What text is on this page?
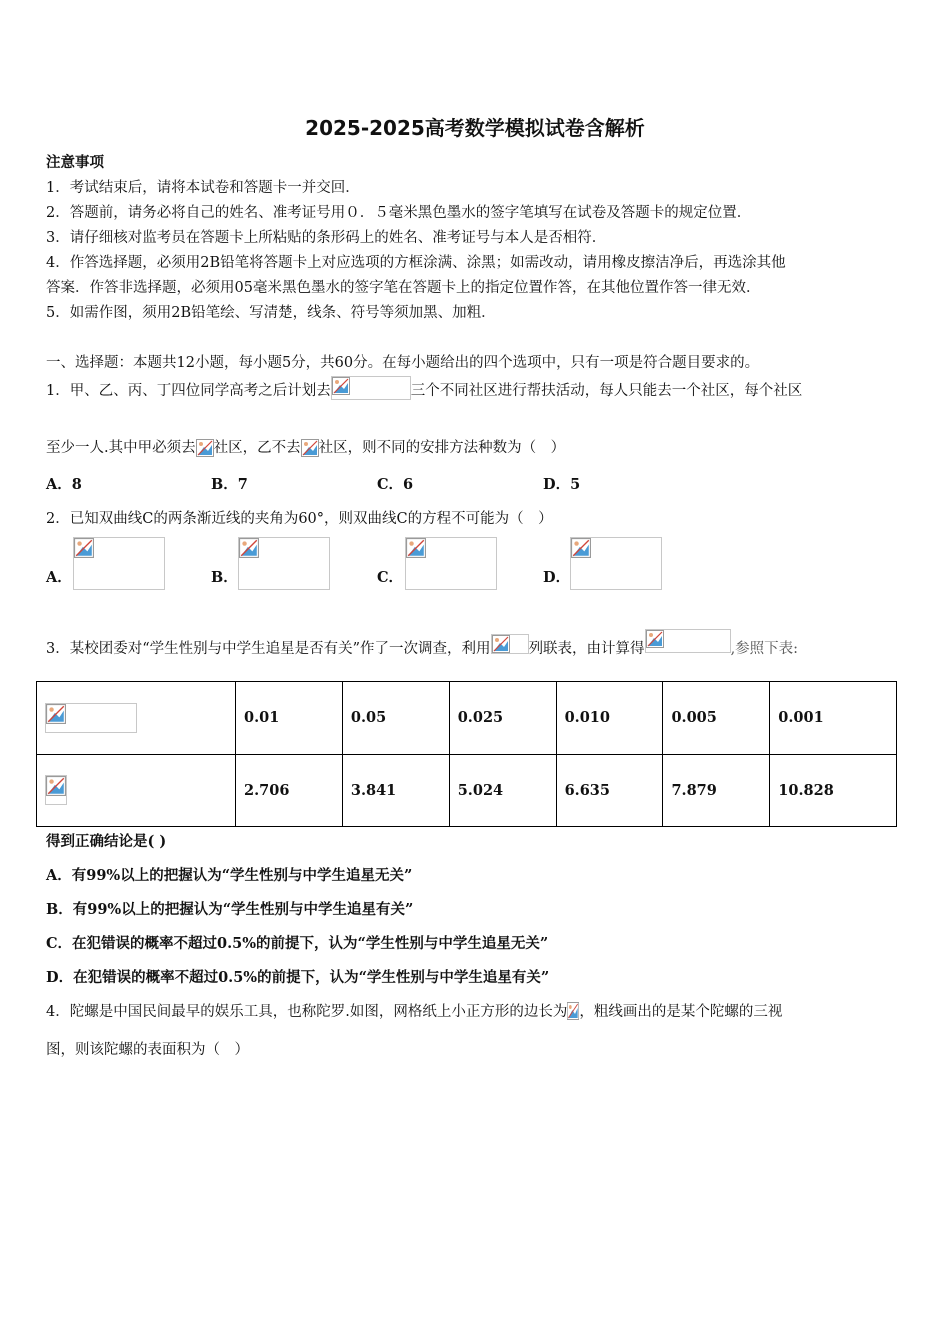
2025-2025高考数学模拟试卷含解析
注意事项
1．考试结束后，请将本试卷和答题卡一并交回．
2．答题前，请务必将自己的姓名、准考证号用０．５毫米黑色墨水的签字笔填写在试卷及答题卡的规定位置．
3．请仔细核对监考员在答题卡上所粘贴的条形码上的姓名、准考证号与本人是否相符．
4．作答选择题，必须用2B铅笔将答题卡上对应选项的方框涂满、涂黑；如需改动，请用橡皮擦洁净后，再选涂其他
答案．作答非选择题，必须用05毫米黑色墨水的签字笔在答题卡上的指定位置作答，在其他位置作答一律无效．
5．如需作图，须用2B铅笔绘、写清楚，线条、符号等须加黑、加粗．
一、选择题：本题共12小题，每小题5分，共60分。在每小题给出的四个选项中，只有一项是符合题目要求的。
1．甲、乙、丙、丁四位同学高考之后计划去	三个不同社区进行帮扶活动，每人只能去一个社区，每个社区
至少一人.其中甲必须去 社区，乙不去 社区，则不同的安排方法种数为（　）
A．8	B．7	C．6	D．5
2．已知双曲线C的两条渐近线的夹角为60°，则双曲线C的方程不可能为（　）
A．	B．	C．	D．
3．某校团委对“学生性别与中学生追星是否有关”作了一次调查，利用	列联表，由计算得	,参照下表:
	0.01	0.05	0.025	0.010	0.005	0.001

	2.706	3.841	5.024	6.635	7.879	10.828
得到正确结论是( )
A．有99%以上的把握认为“学生性别与中学生追星无关”
B．有99%以上的把握认为“学生性别与中学生追星有关”
C．在犯错误的概率不超过0.5%的前提下，认为“学生性别与中学生追星无关”
D．在犯错误的概率不超过0.5%的前提下，认为“学生性别与中学生追星有关”
4．陀螺是中国民间最早的娱乐工具，也称陀罗.如图，网格纸上小正方形的边长为 ，粗线画出的是某个陀螺的三视
图，则该陀螺的表面积为（　）
